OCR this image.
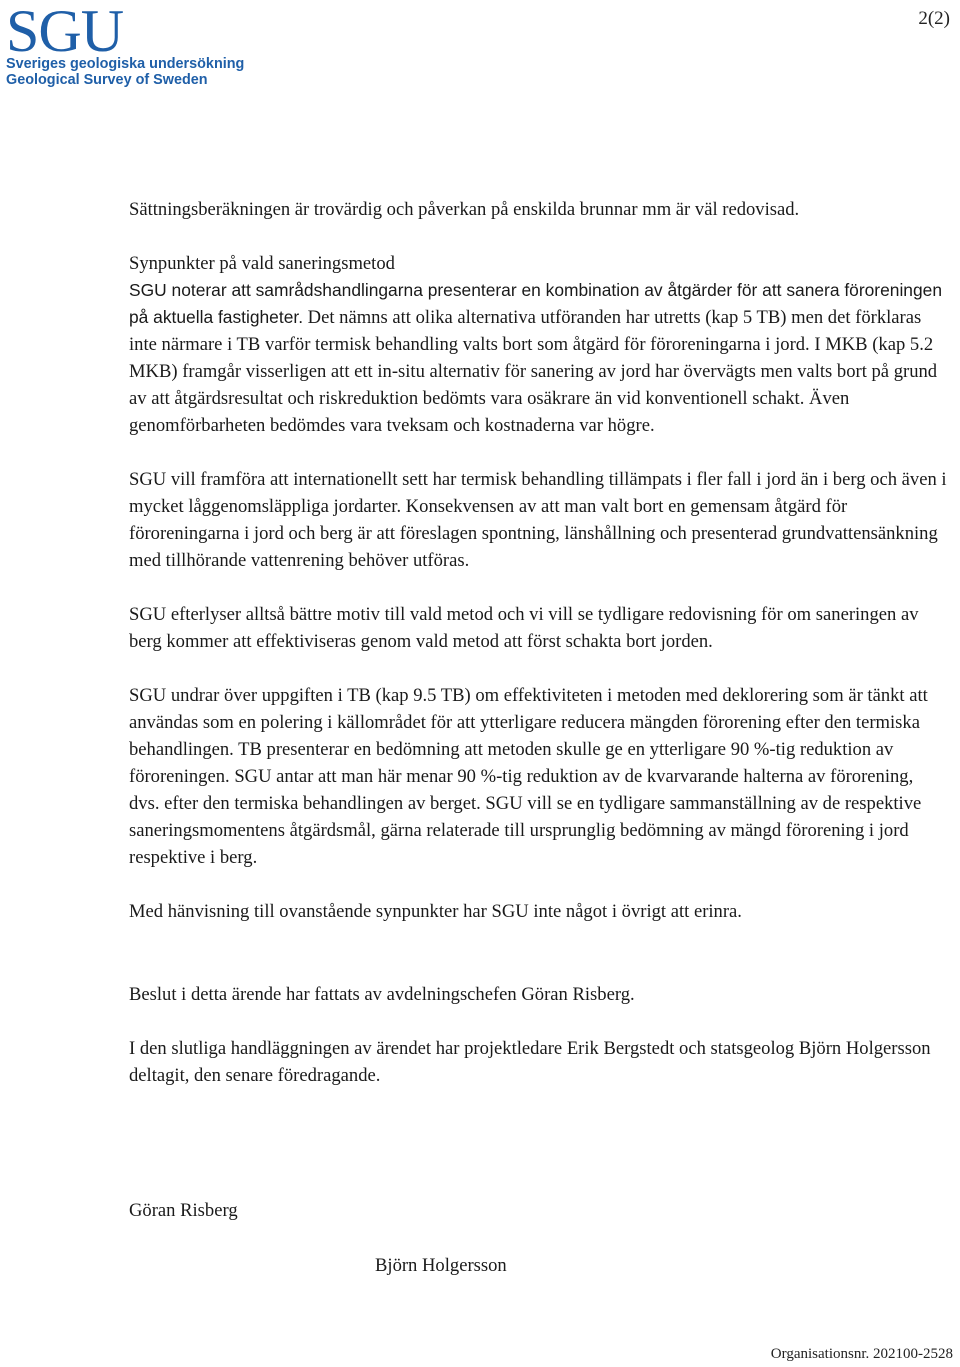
SGU
Sveriges geologiska undersökning
Geological Survey of Sweden
2(2)

Sättningsberäkningen är trovärdig och påverkan på enskilda brunnar mm är väl redovisad.

Synpunkter på vald saneringsmetod

SGU noterar att samrådshandlingarna presenterar en kombination av åtgärder för att sanera föroreningen på aktuella fastigheter. Det nämns att olika alternativa utföranden har utretts (kap 5 TB) men det förklaras inte närmare i TB varför termisk behandling valts bort som åtgärd för föroreningarna i jord. I MKB (kap 5.2 MKB) framgår visserligen att ett in-situ alternativ för sanering av jord har övervägts men valts bort på grund av att åtgärdsresultat och riskreduktion bedömts vara osäkrare än vid konventionell schakt. Även genomförbarheten bedömdes vara tveksam och kostnaderna var högre.

SGU vill framföra att internationellt sett har termisk behandling tillämpats i fler fall i jord än i berg och även i mycket låggenomsläppliga jordarter. Konsekvensen av att man valt bort en gemensam åtgärd för föroreningarna i jord och berg är att föreslagen spontning, länshållning och presenterad grundvattensänkning med tillhörande vattenrening behöver utföras.

SGU efterlyser alltså bättre motiv till vald metod och vi vill se tydligare redovisning för om saneringen av berg kommer att effektiviseras genom vald metod att först schakta bort jorden.

SGU undrar över uppgiften i TB (kap 9.5 TB) om effektiviteten i metoden med deklorering som är tänkt att användas som en polering i källområdet för att ytterligare reducera mängden förorening efter den termiska behandlingen. TB presenterar en bedömning att metoden skulle ge en ytterligare 90 %-tig reduktion av föroreningen. SGU antar att man här menar 90 %-tig reduktion av de kvarvarande halterna av förorening, dvs. efter den termiska behandlingen av berget. SGU vill se en tydligare sammanställning av de respektive saneringsmomentens åtgärdsmål, gärna relaterade till ursprunglig bedömning av mängd förorening i jord respektive i berg.

Med hänvisning till ovanstående synpunkter har SGU inte något i övrigt att erinra.

Beslut i detta ärende har fattats av avdelningschefen Göran Risberg.

I den slutliga handläggningen av ärendet har projektledare Erik Bergstedt och statsgeolog Björn Holgersson deltagit, den senare föredragande.

Göran Risberg
Björn Holgersson
Organisationsnr. 202100-2528
